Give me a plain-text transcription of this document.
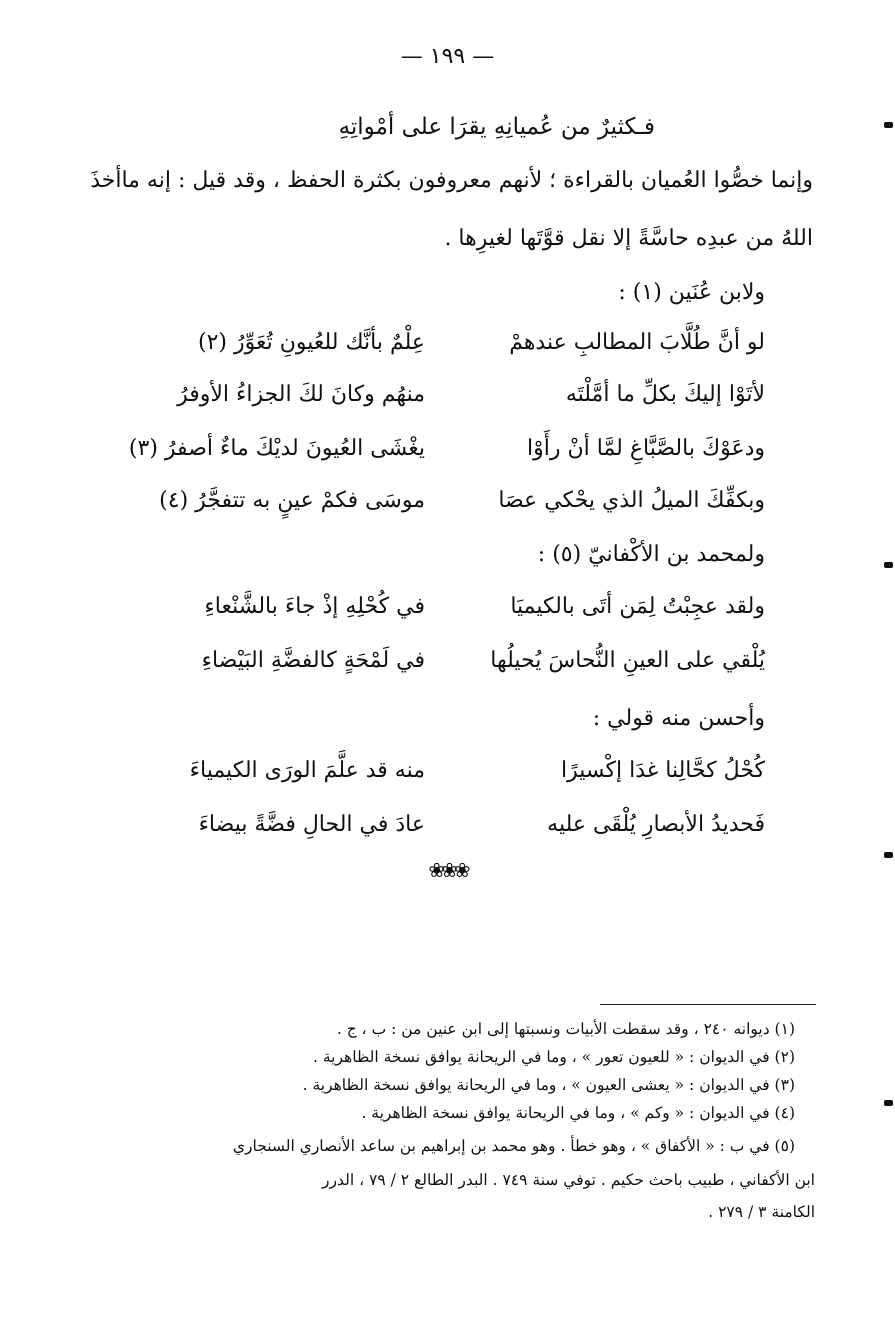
— ١٩٩ —
فـكثيرٌ من عُميانِهِ يقرَا على أمْواتِهِ
وإنما خصُّوا العُميان بالقراءة ؛ لأنهم معروفون بكثرة الحفظ ، وقد قيل : إنه ماأخذَ
اللهُ من عبدِه حاسَّةً إلا نقل قوَّتَها لغيرِها .
ولابن عُنَين (١) :
لو أنَّ طُلَّابَ المطالبِ عندهمْ
عِلْمٌ بأنَّك للعُيونِ تُعَوِّرُ (٢)
لأتَوْا إليكَ بكلِّ ما أمَّلْتَه
منهُم وكانَ لكَ الجزاءُ الأوفرُ
ودعَوْكَ بالصَّبَّاغِ لمَّا أنْ رأَوْا
يغْشَى العُيونَ لديْكَ ماءٌ أصفرُ (٣)
وبكفِّكَ الميلُ الذي يحْكي عصَا
موسَى فكمْ عينٍ به تتفجَّرُ (٤)
ولمحمد بن الأكْفانيّ (٥) :
ولقد عجِبْتُ لِمَن أتَى بالكيميَا
في كُحْلِهِ إذْ جاءَ بالشَّنْعاءِ
يُلْقي على العينِ النُّحاسَ يُحيلُها
في لَمْحَةٍ كالفضَّةِ البَيْضاءِ
وأحسن منه قولي :
كُحْلُ كحَّالِنا غدَا إكْسيرًا
منه قد علَّمَ الورَى الكيمياءَ
فَحديدُ الأبصارِ يُلْقَى عليه
عادَ في الحالِ فضَّةً بيضاءَ
❀❀❀
(١) ديوانه ٢٤٠ ، وقد سقطت الأبيات ونسبتها إلى ابن عنين من : ب ، ج .
(٢) في الديوان : « للعيون تعور » ، وما في الريحانة يوافق نسخة الظاهرية .
(٣) في الديوان : « يعشى العيون » ، وما في الريحانة يوافق نسخة الظاهرية .
(٤) في الديوان : « وكم » ، وما في الريحانة يوافق نسخة الظاهرية .
(٥) في ب : « الأكفاق » ، وهو خطأ . وهو محمد بن إبراهيم بن ساعد الأنصاري السنجاري
ابن الأكفاني ، طبيب باحث حكيم . توفي سنة ٧٤٩ . البدر الطالع ٢ / ٧٩ ، الدرر
الكامنة ٣ / ٢٧٩ .
